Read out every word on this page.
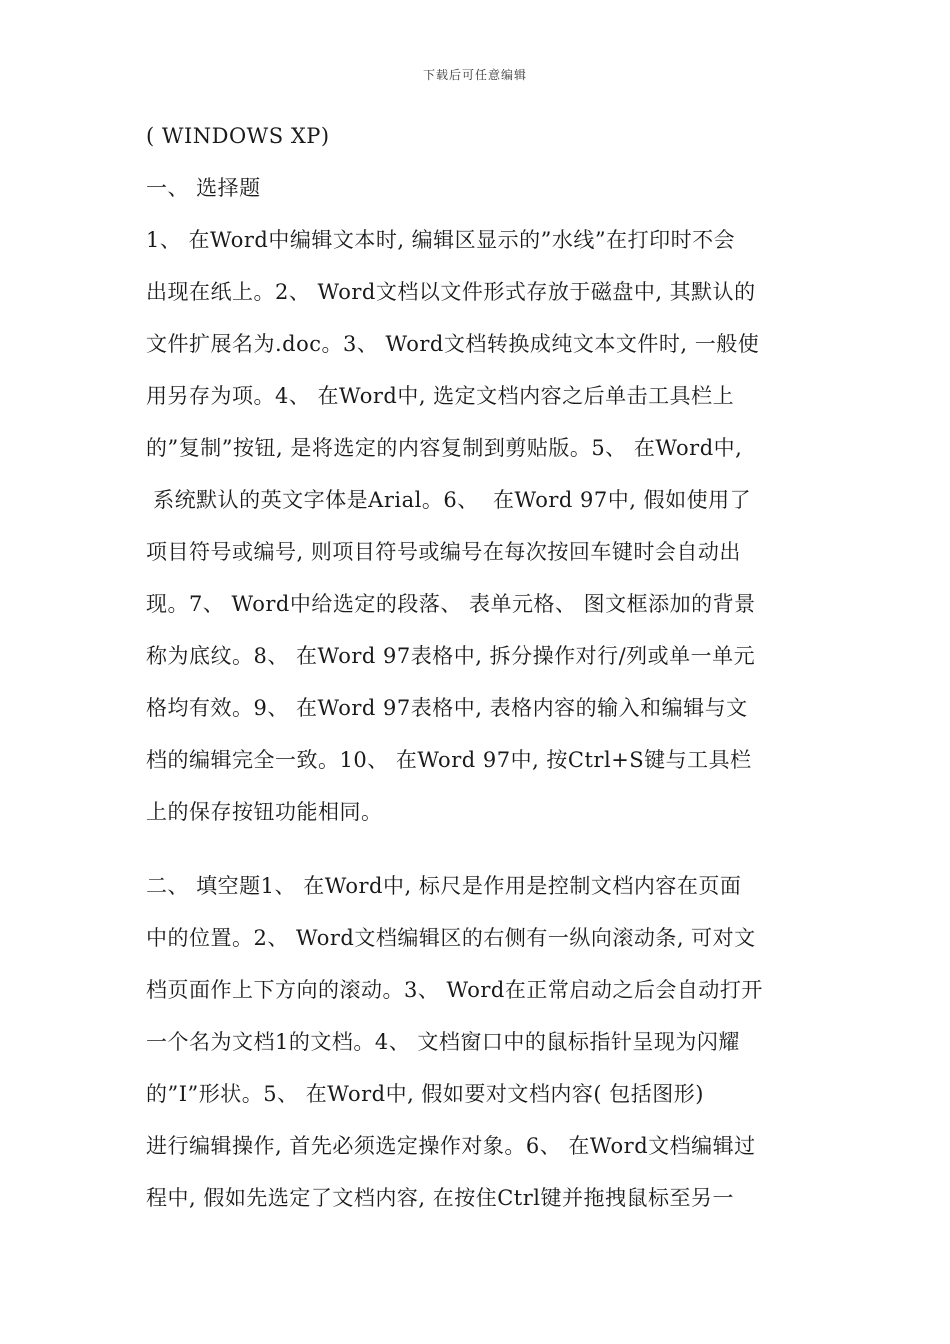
下载后可任意编辑
( WINDOWS XP)
一、 选择题
1、 在Word中编辑文本时, 编辑区显示的”水线”在打印时不会
出现在纸上。2、 Word文档以文件形式存放于磁盘中, 其默认的
文件扩展名为.doc。3、 Word文档转换成纯文本文件时, 一般使
用另存为项。4、 在Word中, 选定文档内容之后单击工具栏上
的”复制”按钮, 是将选定的内容复制到剪贴版。5、 在Word中,
系统默认的英文字体是Arial。6、  在Word 97中, 假如使用了
项目符号或编号, 则项目符号或编号在每次按回车键时会自动出
现。7、 Word中给选定的段落、 表单元格、 图文框添加的背景
称为底纹。8、 在Word 97表格中, 拆分操作对行/列或单一单元
格均有效。9、 在Word 97表格中, 表格内容的输入和编辑与文
档的编辑完全一致。10、 在Word 97中, 按Ctrl+S键与工具栏
上的保存按钮功能相同。
二、 填空题1、 在Word中, 标尺是作用是控制文档内容在页面
中的位置。2、 Word文档编辑区的右侧有一纵向滚动条, 可对文
档页面作上下方向的滚动。3、 Word在正常启动之后会自动打开
一个名为文档1的文档。4、 文档窗口中的鼠标指针呈现为闪耀
的”I”形状。5、 在Word中, 假如要对文档内容( 包括图形)
进行编辑操作, 首先必须选定操作对象。6、 在Word文档编辑过
程中, 假如先选定了文档内容, 在按住Ctrl键并拖拽鼠标至另一
